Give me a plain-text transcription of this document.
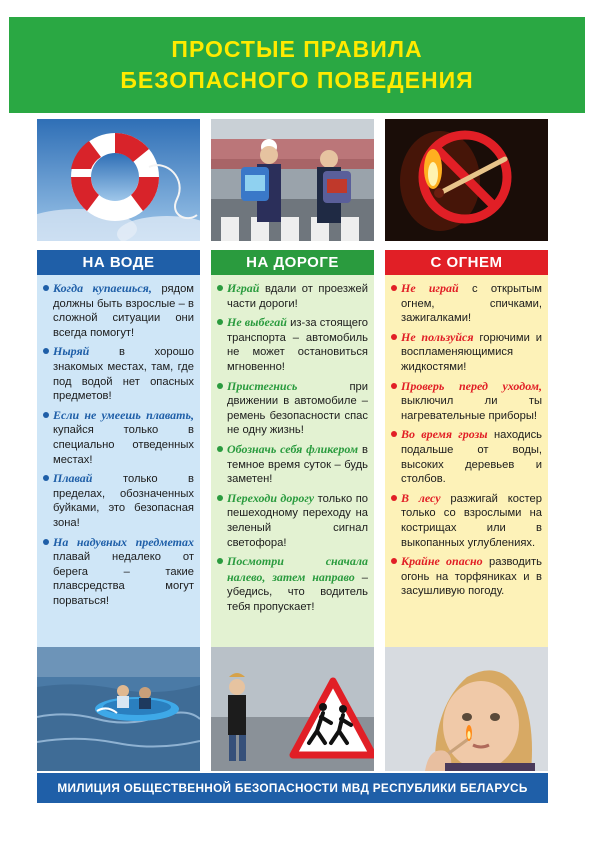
ПРОСТЫЕ ПРАВИЛА
БЕЗОПАСНОГО ПОВЕДЕНИЯ
НА ВОДЕ
Когда купаешься, рядом должны быть взрослые – в сложной ситуации они всегда помогут!
Ныряй в хорошо знакомых местах, там, где под водой нет опасных предметов!
Если не умеешь плавать, купайся только в специально отведенных местах!
Плавай только в пределах, обозначенных буйками, это безопасная зона!
На надувных предметах плавай недалеко от берега – такие плавсредства могут порваться!
НА ДОРОГЕ
Играй вдали от проезжей части дороги!
Не выбегай из-за стоящего транспорта – автомобиль не может остановиться мгновенно!
Пристегнись при движении в автомобиле – ремень безопасности спас не одну жизнь!
Обозначь себя фликером в темное время суток – будь заметен!
Переходи дорогу только по пешеходному переходу на зеленый сигнал светофора!
Посмотри сначала налево, затем направо – убедись, что водитель тебя пропускает!
С ОГНЕМ
Не играй с открытым огнем, спичками, зажигалками!
Не пользуйся горючими и воспламеняющимися жидкостями!
Проверь перед уходом, выключил ли ты нагревательные приборы!
Во время грозы находись подальше от воды, высоких деревьев и столбов.
В лесу разжигай костер только со взрослыми на кострищах или в выкопанных углублениях.
Крайне опасно разводить огонь на торфяниках и в засушливую погоду.
МИЛИЦИЯ ОБЩЕСТВЕННОЙ БЕЗОПАСНОСТИ МВД РЕСПУБЛИКИ БЕЛАРУСЬ
